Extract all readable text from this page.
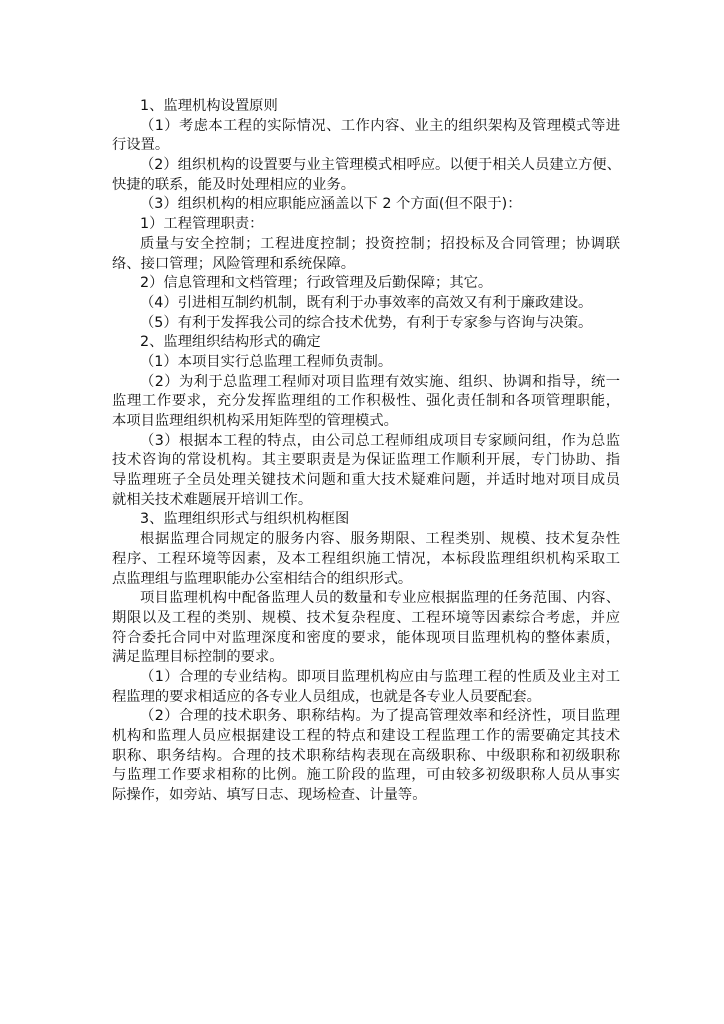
1、监理机构设置原则
（1）考虑本工程的实际情况、工作内容、业主的组织架构及管理模式等进
行设置。
（2）组织机构的设置要与业主管理模式相呼应。以便于相关人员建立方便、
快捷的联系，能及时处理相应的业务。
（3）组织机构的相应职能应涵盖以下 2 个方面(但不限于)：
1）工程管理职责：
质量与安全控制；工程进度控制；投资控制；招投标及合同管理；协调联
络、接口管理；风险管理和系统保障。
2）信息管理和文档管理；行政管理及后勤保障；其它。
（4）引进相互制约机制，既有利于办事效率的高效又有利于廉政建设。
（5）有利于发挥我公司的综合技术优势，有利于专家参与咨询与决策。
2、监理组织结构形式的确定
（1）本项目实行总监理工程师负责制。
（2）为利于总监理工程师对项目监理有效实施、组织、协调和指导，统一
监理工作要求，充分发挥监理组的工作积极性、强化责任制和各项管理职能，
本项目监理组织机构采用矩阵型的管理模式。
（3）根据本工程的特点，由公司总工程师组成项目专家顾问组，作为总监
技术咨询的常设机构。其主要职责是为保证监理工作顺利开展，专门协助、指
导监理班子全员处理关键技术问题和重大技术疑难问题，并适时地对项目成员
就相关技术难题展开培训工作。
3、监理组织形式与组织机构框图
根据监理合同规定的服务内容、服务期限、工程类别、规模、技术复杂性
程序、工程环境等因素，及本工程组织施工情况，本标段监理组织机构采取工
点监理组与监理职能办公室相结合的组织形式。
项目监理机构中配备监理人员的数量和专业应根据监理的任务范围、内容、
期限以及工程的类别、规模、技术复杂程度、工程环境等因素综合考虑，并应
符合委托合同中对监理深度和密度的要求，能体现项目监理机构的整体素质，
满足监理目标控制的要求。
（1）合理的专业结构。即项目监理机构应由与监理工程的性质及业主对工
程监理的要求相适应的各专业人员组成，也就是各专业人员要配套。
（2）合理的技术职务、职称结构。为了提高管理效率和经济性，项目监理
机构和监理人员应根据建设工程的特点和建设工程监理工作的需要确定其技术
职称、职务结构。合理的技术职称结构表现在高级职称、中级职称和初级职称
与监理工作要求相称的比例。施工阶段的监理，可由较多初级职称人员从事实
际操作，如旁站、填写日志、现场检查、计量等。
